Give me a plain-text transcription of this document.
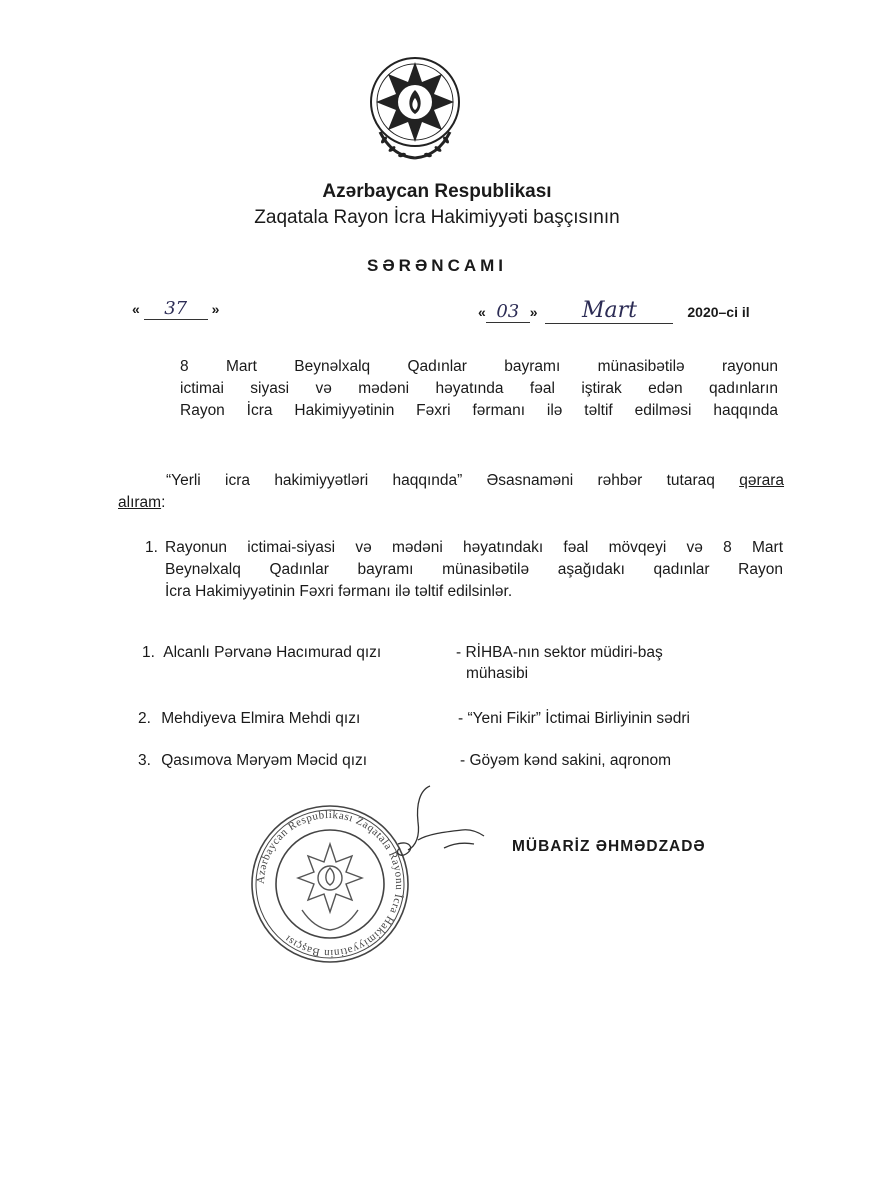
Azərbaycan Respublikası
Zaqatala Rayon İcra Hakimiyyəti başçısının
SƏRƏNCAMI
« 37 »	« 03 » Mart	2020–ci il
8 Mart Beynəlxalq Qadınlar bayramı münasibətilə rayonun
ictimai siyasi və mədəni həyatında fəal iştirak edən qadınların
Rayon İcra Hakimiyyətinin Fəxri fərmanı ilə təltif edilməsi haqqında
“Yerli icra hakimiyyətləri haqqında” Əsasnaməni rəhbər tutaraq qərara
alıram:
1. Rayonun ictimai-siyasi və mədəni həyatındakı fəal mövqeyi və 8 Mart
Beynəlxalq Qadınlar bayramı münasibətilə aşağıdakı qadınlar Rayon
İcra Hakimiyyətinin Fəxri fərmanı ilə təltif edilsinlər.
1. Alcanlı Pərvanə Hacımurad qızı	- RİHBA-nın sektor müdiri-baş
mühasibi
2. Mehdiyeva Elmira Mehdi qızı	- “Yeni Fikir” İctimai Birliyinin sədri
3. Qasımova Məryəm Məcid qızı	- Göyəm kənd sakini, aqronom
Azərbaycan Respublikası Zaqatala Rayonu İcra Hakimiyyətinin Başçısı
MÜBARİZ ƏHMƏDZADƏ
